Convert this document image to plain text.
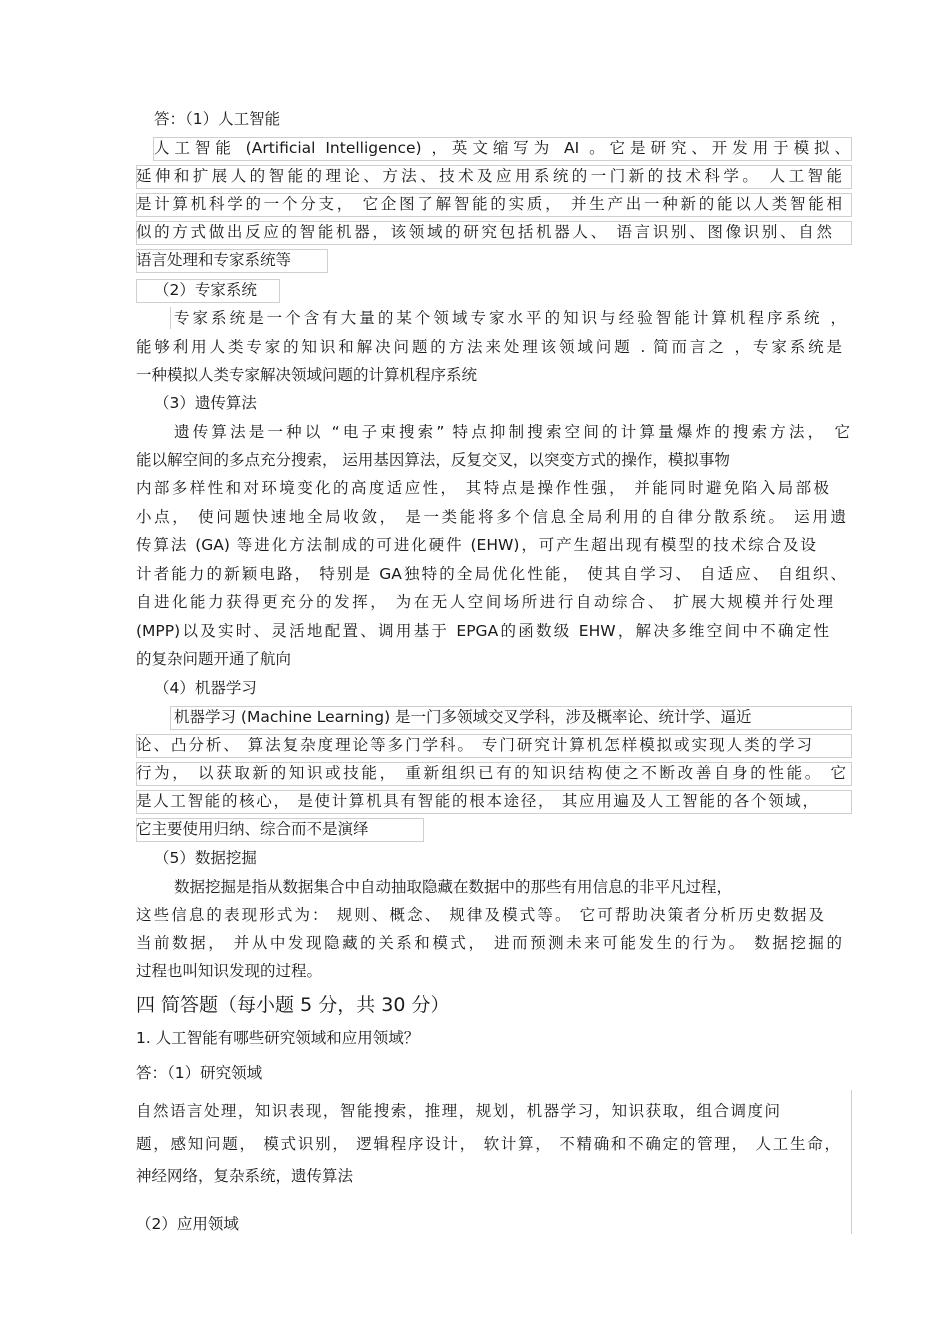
答：（1）人工智能
人工智能 (Artificial Intelligence) ，英文缩写为 AI 。它是研究、开发用于模拟、
延伸和扩展人的智能的理论、方法、技术及应用系统的一门新的技术科学。 人工智能
是计算机科学的一个分支， 它企图了解智能的实质， 并生产出一种新的能以人类智能相
似的方式做出反应的智能机器，该领域的研究包括机器人、 语言识别、图像识别、自然
语言处理和专家系统等
（2）专家系统
专家系统是一个含有大量的某个领域专家水平的知识与经验智能计算机程序系统 ，
能够利用人类专家的知识和解决问题的方法来处理该领域问题 . 简而言之 ，专家系统是
一种模拟人类专家解决领域问题的计算机程序系统
（3）遗传算法
遗传算法是一种以 “电子束搜索” 特点抑制搜索空间的计算量爆炸的搜索方法， 它
能以解空间的多点充分搜索， 运用基因算法，反复交叉，以突变方式的操作，模拟事物
内部多样性和对环境变化的高度适应性， 其特点是操作性强， 并能同时避免陷入局部极
小点， 使问题快速地全局收敛， 是一类能将多个信息全局利用的自律分散系统。 运用遗
传算法 (GA) 等进化方法制成的可进化硬件 (EHW)，可产生超出现有模型的技术综合及设
计者能力的新颖电路， 特别是 GA独特的全局优化性能， 使其自学习、 自适应、 自组织、
自进化能力获得更充分的发挥， 为在无人空间场所进行自动综合、 扩展大规模并行处理
(MPP)以及实时、灵活地配置、调用基于 EPGA的函数级 EHW，解决多维空间中不确定性
的复杂问题开通了航向
（4）机器学习
机器学习 (Machine Learning) 是一门多领域交叉学科，涉及概率论、统计学、逼近
论、凸分析、 算法复杂度理论等多门学科。 专门研究计算机怎样模拟或实现人类的学习
行为， 以获取新的知识或技能， 重新组织已有的知识结构使之不断改善自身的性能。 它
是人工智能的核心， 是使计算机具有智能的根本途径， 其应用遍及人工智能的各个领域，
它主要使用归纳、综合而不是演绎
（5）数据挖掘
数据挖掘是指从数据集合中自动抽取隐藏在数据中的那些有用信息的非平凡过程，
这些信息的表现形式为： 规则、概念、 规律及模式等。 它可帮助决策者分析历史数据及
当前数据， 并从中发现隐藏的关系和模式， 进而预测未来可能发生的行为。 数据挖掘的
过程也叫知识发现的过程。
四 简答题（每小题 5 分，共 30 分）
1. 人工智能有哪些研究领域和应用领域？
答：（1）研究领域
自然语言处理，知识表现，智能搜索，推理，规划，机器学习，知识获取，组合调度问
题，感知问题， 模式识别， 逻辑程序设计， 软计算， 不精确和不确定的管理， 人工生命，
神经网络，复杂系统，遗传算法
（2）应用领域
